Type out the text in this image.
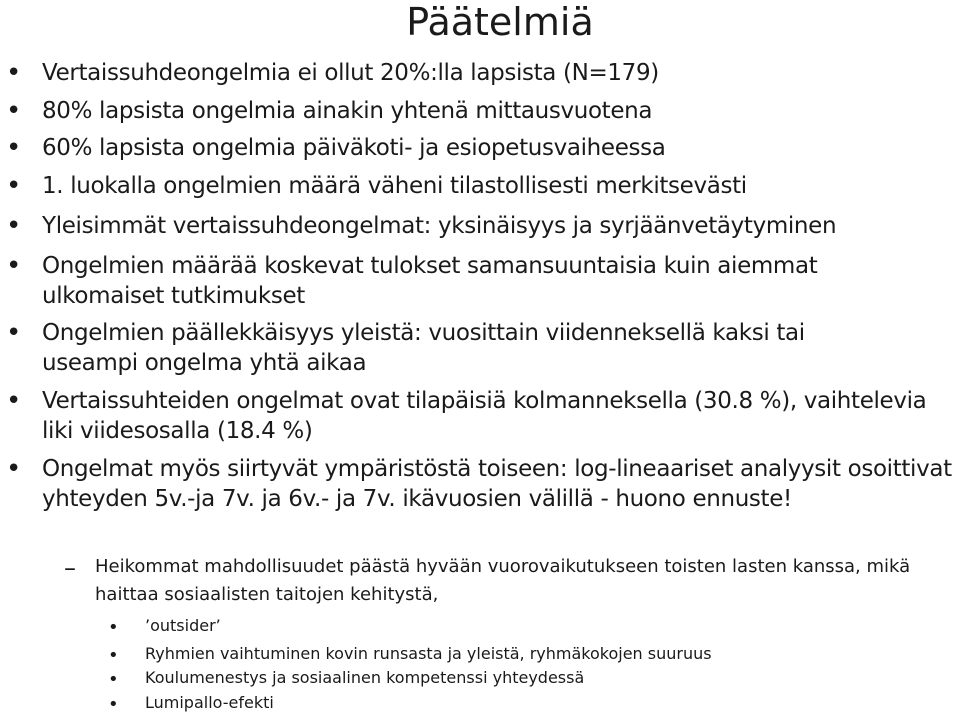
Päätelmiä
• Vertaissuhdeongelmia ei ollut 20%:lla lapsista (N=179)
• 80% lapsista ongelmia ainakin yhtenä mittausvuotena
• 60% lapsista ongelmia päiväkoti- ja esiopetusvaiheessa
• 1. luokalla ongelmien määrä väheni tilastollisesti merkitsevästi
• Yleisimmät vertaissuhdeongelmat: yksinäisyys ja syrjäänvetäytyminen
• Ongelmien määrää koskevat tulokset samansuuntaisia kuin aiemmat ulkomaiset tutkimukset
• Ongelmien päällekkäisyys yleistä: vuosittain viidenneksellä kaksi tai useampi ongelma yhtä aikaa
• Vertaissuhteiden ongelmat ovat tilapäisiä kolmanneksella (30.8 %), vaihtelevia liki viidesosalla (18.4 %)
• Ongelmat myös siirtyvät ympäristöstä toiseen: log-lineaariset analyysit osoittivat yhteyden 5v.-ja 7v. ja 6v.- ja 7v. ikävuosien välillä - huono ennuste!
– Heikommat mahdollisuudet päästä hyvään vuorovaikutukseen toisten lasten kanssa, mikä haittaa sosiaalisten taitojen kehitystä,
• ’outsider’
• Ryhmien vaihtuminen kovin runsasta ja yleistä, ryhmäkokojen suuruus
• Koulumenestys ja sosiaalinen kompetenssi yhteydessä
• Lumipallo-efekti
